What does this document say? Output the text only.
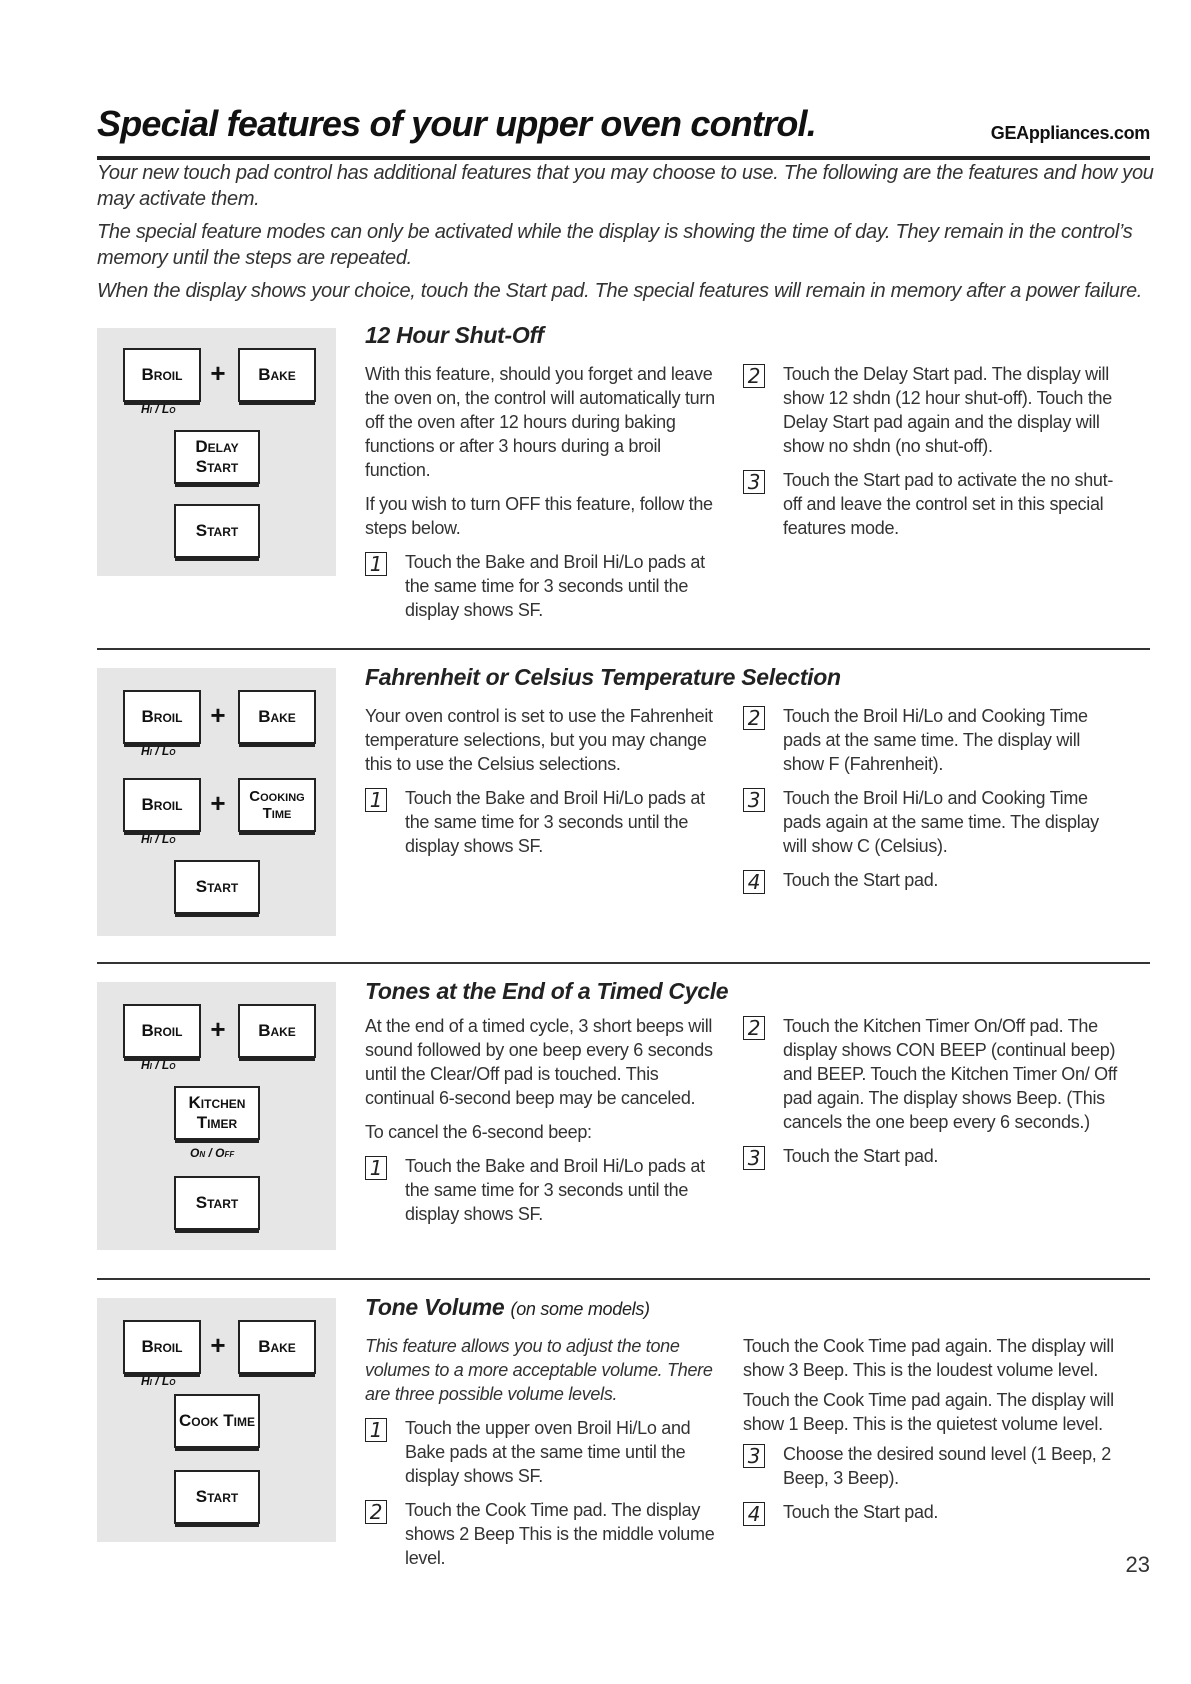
Special features of your upper oven control.	GEAppliances.com

Your new touch pad control has additional features that you may choose to use. The following are the features and how you may activate them.

The special feature modes can only be activated while the display is showing the time of day. They remain in the control’s memory until the steps are repeated.

When the display shows your choice, touch the Start pad. The special features will remain in memory after a power failure.

Broil	+	Bake
Hi / Lo
Delay Start
Start
12 Hour Shut-Off

With this feature, should you forget and leave the oven on, the control will automatically turn off the oven after 12 hours during baking functions or after 3 hours during a broil function.

If you wish to turn OFF this feature, follow the steps below.

1 Touch the Bake and Broil Hi/Lo pads at the same time for 3 seconds until the display shows SF.
2 Touch the Delay Start pad. The display will show 12 shdn (12 hour shut-off). Touch the Delay Start pad again and the display will show no shdn (no shut-off).
3 Touch the Start pad to activate the no shut-off and leave the control set in this special features mode.
Broil	+	Bake
Hi / Lo
Broil	+	Cooking Time
Hi / Lo
Start
Fahrenheit or Celsius Temperature Selection

Your oven control is set to use the Fahrenheit temperature selections, but you may change this to use the Celsius selections.

1 Touch the Bake and Broil Hi/Lo pads at the same time for 3 seconds until the display shows SF.
2 Touch the Broil Hi/Lo and Cooking Time pads at the same time. The display will show F (Fahrenheit).
3 Touch the Broil Hi/Lo and Cooking Time pads again at the same time. The display will show C (Celsius).
4 Touch the Start pad.
Broil	+	Bake
Hi / Lo
Kitchen Timer
On / Off
Start
Tones at the End of a Timed Cycle

At the end of a timed cycle, 3 short beeps will sound followed by one beep every 6 seconds until the Clear/Off pad is touched. This continual 6-second beep may be canceled.

To cancel the 6-second beep:

1 Touch the Bake and Broil Hi/Lo pads at the same time for 3 seconds until the display shows SF.
2 Touch the Kitchen Timer On/Off pad. The display shows CON BEEP (continual beep) and BEEP. Touch the Kitchen Timer On/ Off pad again. The display shows Beep. (This cancels the one beep every 6 seconds.)
3 Touch the Start pad.
Broil	+	Bake
Hi / Lo
Cook Time
Start
Tone Volume (on some models)

This feature allows you to adjust the tone volumes to a more acceptable volume. There are three possible volume levels.

1 Touch the upper oven Broil Hi/Lo and Bake pads at the same time until the display shows SF.
2 Touch the Cook Time pad. The display shows 2 Beep This is the middle volume level.

Touch the Cook Time pad again. The display will show 3 Beep. This is the loudest volume level.

Touch the Cook Time pad again. The display will show 1 Beep. This is the quietest volume level.

3 Choose the desired sound level (1 Beep, 2 Beep, 3 Beep).
4 Touch the Start pad.
23
